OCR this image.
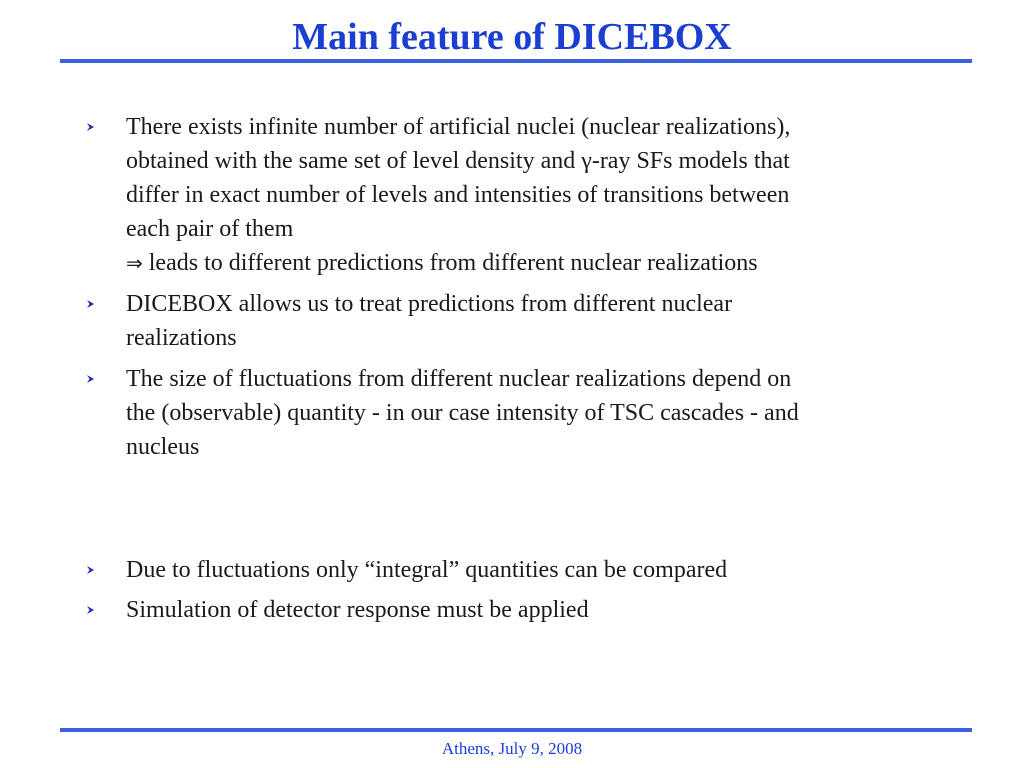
Main feature of DICEBOX
There exists infinite number of artificial nuclei (nuclear realizations),
obtained with the same set of level density and γ-ray SFs models that
differ in exact number of levels and intensities of transitions between
each pair of them
⇒ leads to different predictions from different nuclear realizations
DICEBOX allows us to treat predictions from different nuclear
realizations
The size of fluctuations from different nuclear realizations depend on
the (observable) quantity - in our case intensity of TSC cascades - and
nucleus
Due to fluctuations only “integral” quantities can be compared
Simulation of detector response must be applied
Athens, July 9, 2008
